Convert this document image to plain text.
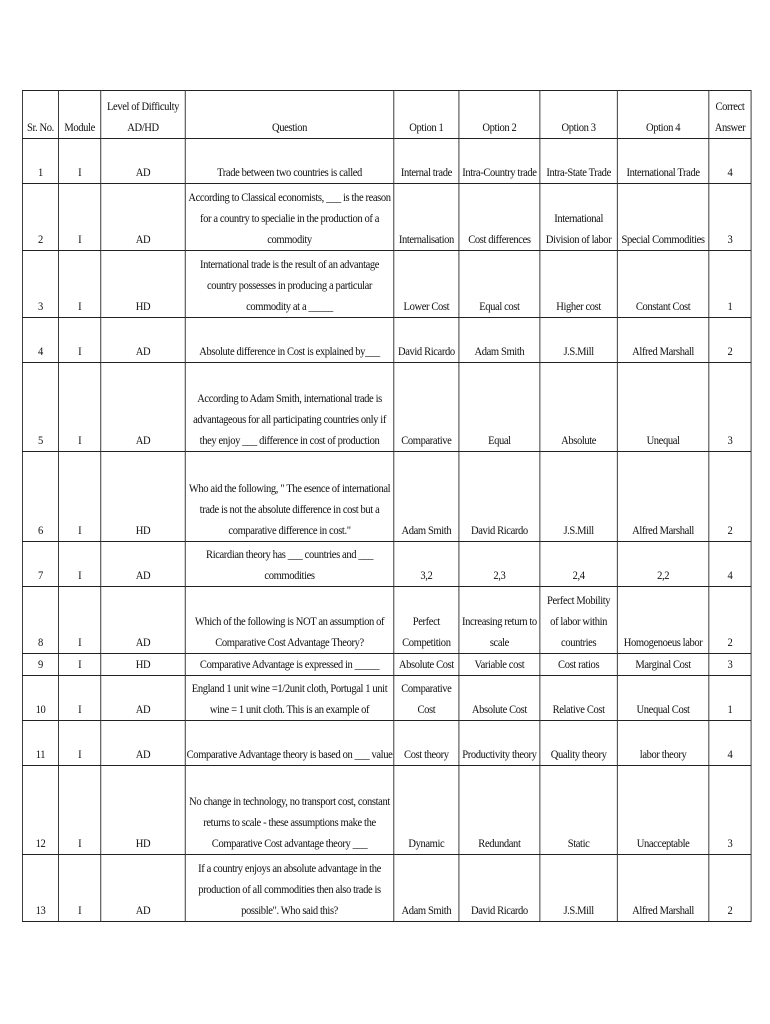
Sr. No.	Module	Level of Difficulty AD/HD	Question	Option 1	Option 2	Option 3	Option 4	Correct Answer
1	I	AD	Trade between two countries is called	Internal trade	Intra-Country trade	Intra-State Trade	International Trade	4
2	I	AD	According to Classical economists, ___ is the reason for a country to specialie in the production of a commodity	Internalisation	Cost differences	International Division of labor	Special Commodities	3
3	I	HD	International trade is the result of an advantage country possesses in producing a particular commodity at a _____	Lower Cost	Equal cost	Higher cost	Constant Cost	1
4	I	AD	Absolute difference in Cost is explained by___	David Ricardo	Adam Smith	J.S.Mill	Alfred Marshall	2
5	I	AD	According to Adam Smith, international trade is advantageous for all participating countries only if they enjoy ___ difference in cost of production	Comparative	Equal	Absolute	Unequal	3
6	I	HD	Who aid the following, " The esence of international trade is not the absolute difference in cost but a comparative difference in cost."	Adam Smith	David Ricardo	J.S.Mill	Alfred Marshall	2
7	I	AD	Ricardian theory has ___ countries and ___ commodities	3,2	2,3	2,4	2,2	4
8	I	AD	Which of the following is NOT an assumption of Comparative Cost Advantage Theory?	Perfect Competition	Increasing return to scale	Perfect Mobility of labor within countries	Homogenoeus labor	2
9	I	HD	Comparative Advantage is expressed in _____	Absolute Cost	Variable cost	Cost ratios	Marginal Cost	3
10	I	AD	England 1 unit wine =1/2unit cloth, Portugal 1 unit wine = 1 unit cloth. This is an example of	Comparative Cost	Absolute Cost	Relative Cost	Unequal Cost	1
11	I	AD	Comparative Advantage theory is based on ___ value	Cost theory	Productivity theory	Quality theory	labor theory	4
12	I	HD	No change in technology, no transport cost, constant returns to scale - these assumptions make the Comparative Cost advantage theory ___	Dynamic	Redundant	Static	Unacceptable	3
13	I	AD	If a country enjoys an absolute advantage in the production of all commodities then also trade is possible". Who said this?	Adam Smith	David Ricardo	J.S.Mill	Alfred Marshall	2
